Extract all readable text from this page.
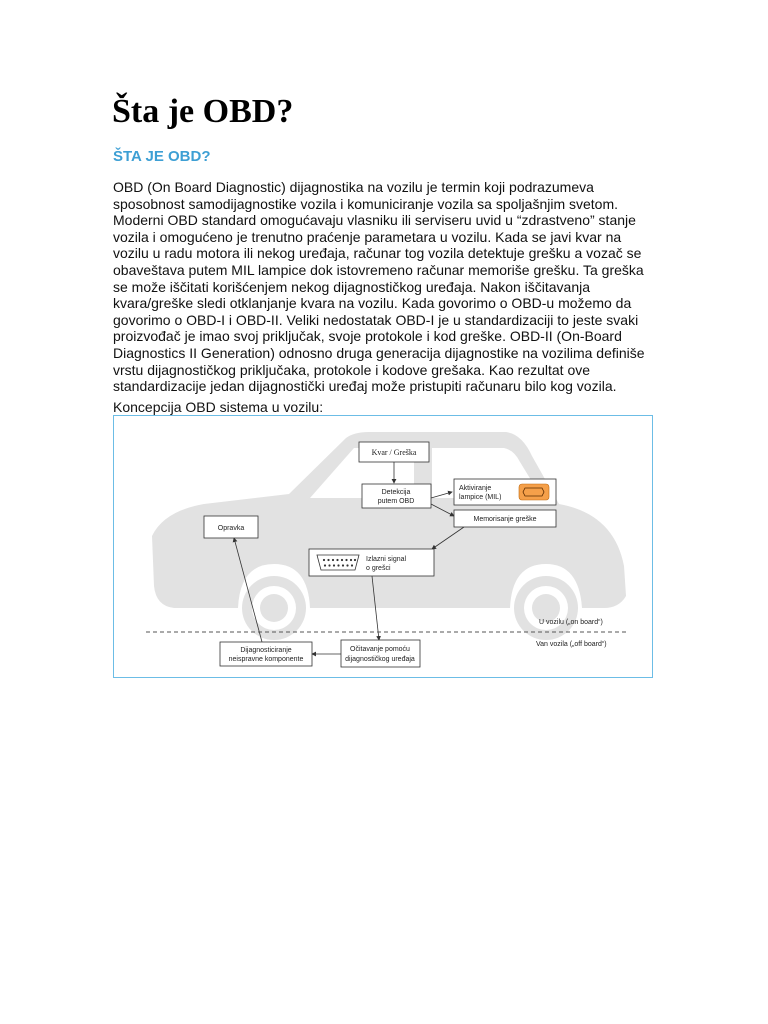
Šta je OBD?
ŠTA JE OBD?

OBD (On Board Diagnostic) dijagnostika na vozilu je termin koji podrazumeva sposobnost samodijagnostike vozila i komuniciranje vozila sa spoljašnjim svetom. Moderni OBD standard omogućavaju vlasniku ili serviseru uvid u “zdrastveno” stanje vozila i omogućeno je trenutno praćenje parametara u vozilu. Kada se javi kvar na vozilu u radu motora ili nekog uređaja, računar tog vozila detektuje grešku a vozač se obaveštava putem MIL lampice dok istovremeno računar memoriše grešku. Ta greška se može iščitati korišćenjem nekog dijagnostičkog uređaja. Nakon iščitavanja kvara/greške sledi otklanjanje kvara na vozilu. Kada govorimo o OBD-u možemo da govorimo o OBD-I i OBD-II. Veliki nedostatak OBD-I je u standardizaciji to jeste svaki proizvođač je imao svoj priključak, svoje protokole i kod greške. OBD-II (On-Board Diagnostics II Generation) odnosno druga generacija dijagnostike na vozilima definiše vrstu dijagnostičkog priključaka, protokole i kodove grešaka. Kao rezultat ove standardizacije jedan dijagnostički uređaj može pristupiti računaru bilo kog vozila.

Koncepcija OBD sistema u vozilu:

Kvar / Greška
Detekcija
putem OBD
Aktiviranje
lampice (MIL)
Memorisanje greške
Opravka
Izlazni signal
o grešci
Dijagnosticiranje
neispravne komponente
Očitavanje pomoću
dijagnostičkog uređaja
U vozilu („on board“)
Van vozila („off board“)
